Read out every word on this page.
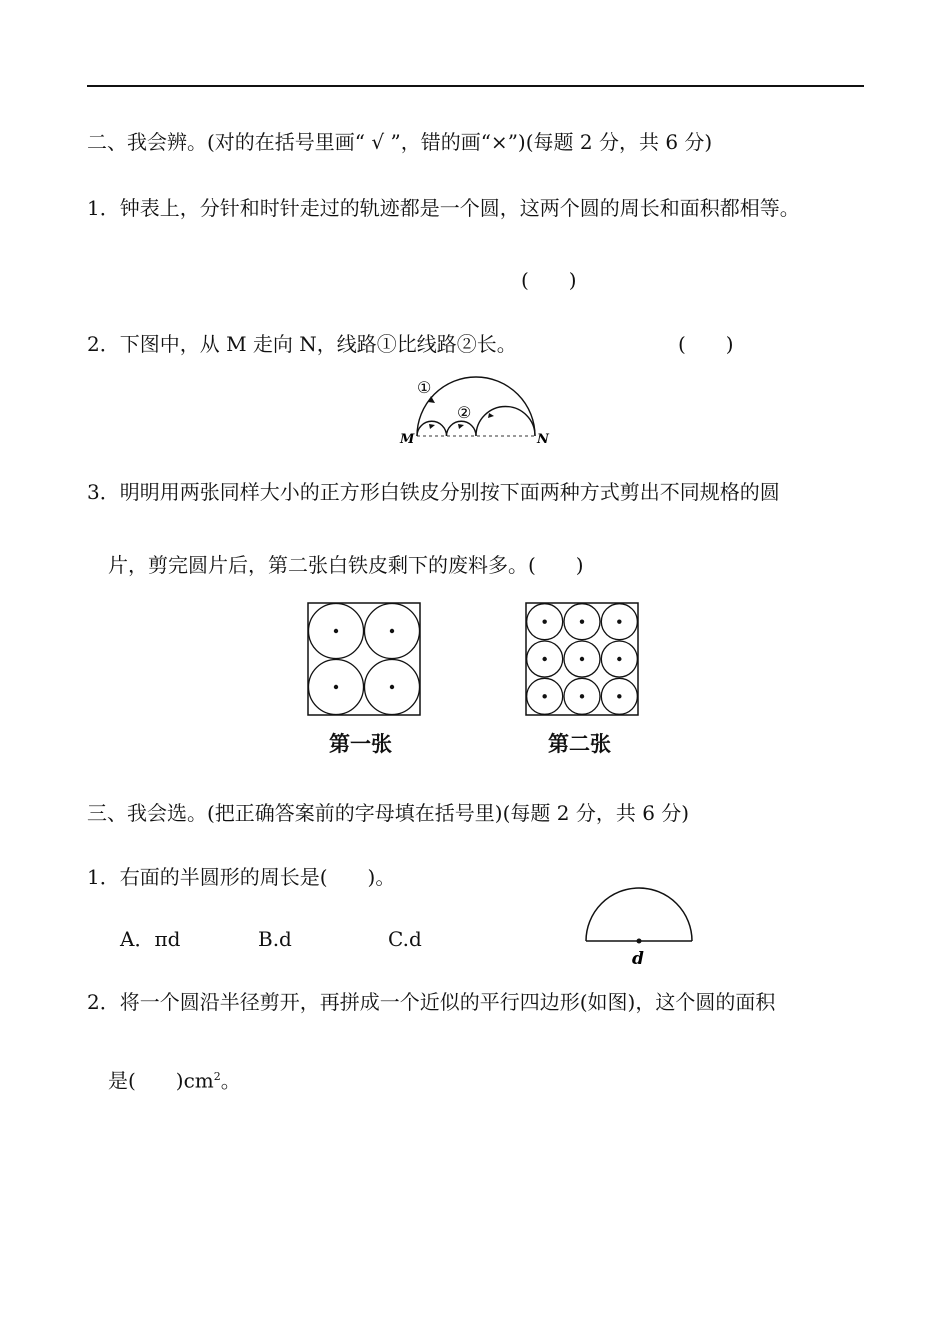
二、我会辨。(对的在括号里画“ √ ”，错的画“×”)(每题 2 分，共 6 分)
1．钟表上，分针和时针走过的轨迹都是一个圆，这两个圆的周长和面积都相等。
(　　)
2．下图中，从 M 走向 N，线路①比线路②长。	(　　)
①
②
M	N
3．明明用两张同样大小的正方形白铁皮分别按下面两种方式剪出不同规格的圆
片，剪完圆片后，第二张白铁皮剩下的废料多。(　　)
第一张	第二张
三、我会选。(把正确答案前的字母填在括号里)(每题 2 分，共 6 分)
1．右面的半圆形的周长是(　　)。
A．πd	B.d	C.d
d
2．将一个圆沿半径剪开，再拼成一个近似的平行四边形(如图)，这个圆的面积
是(　　)$cm^2$。
